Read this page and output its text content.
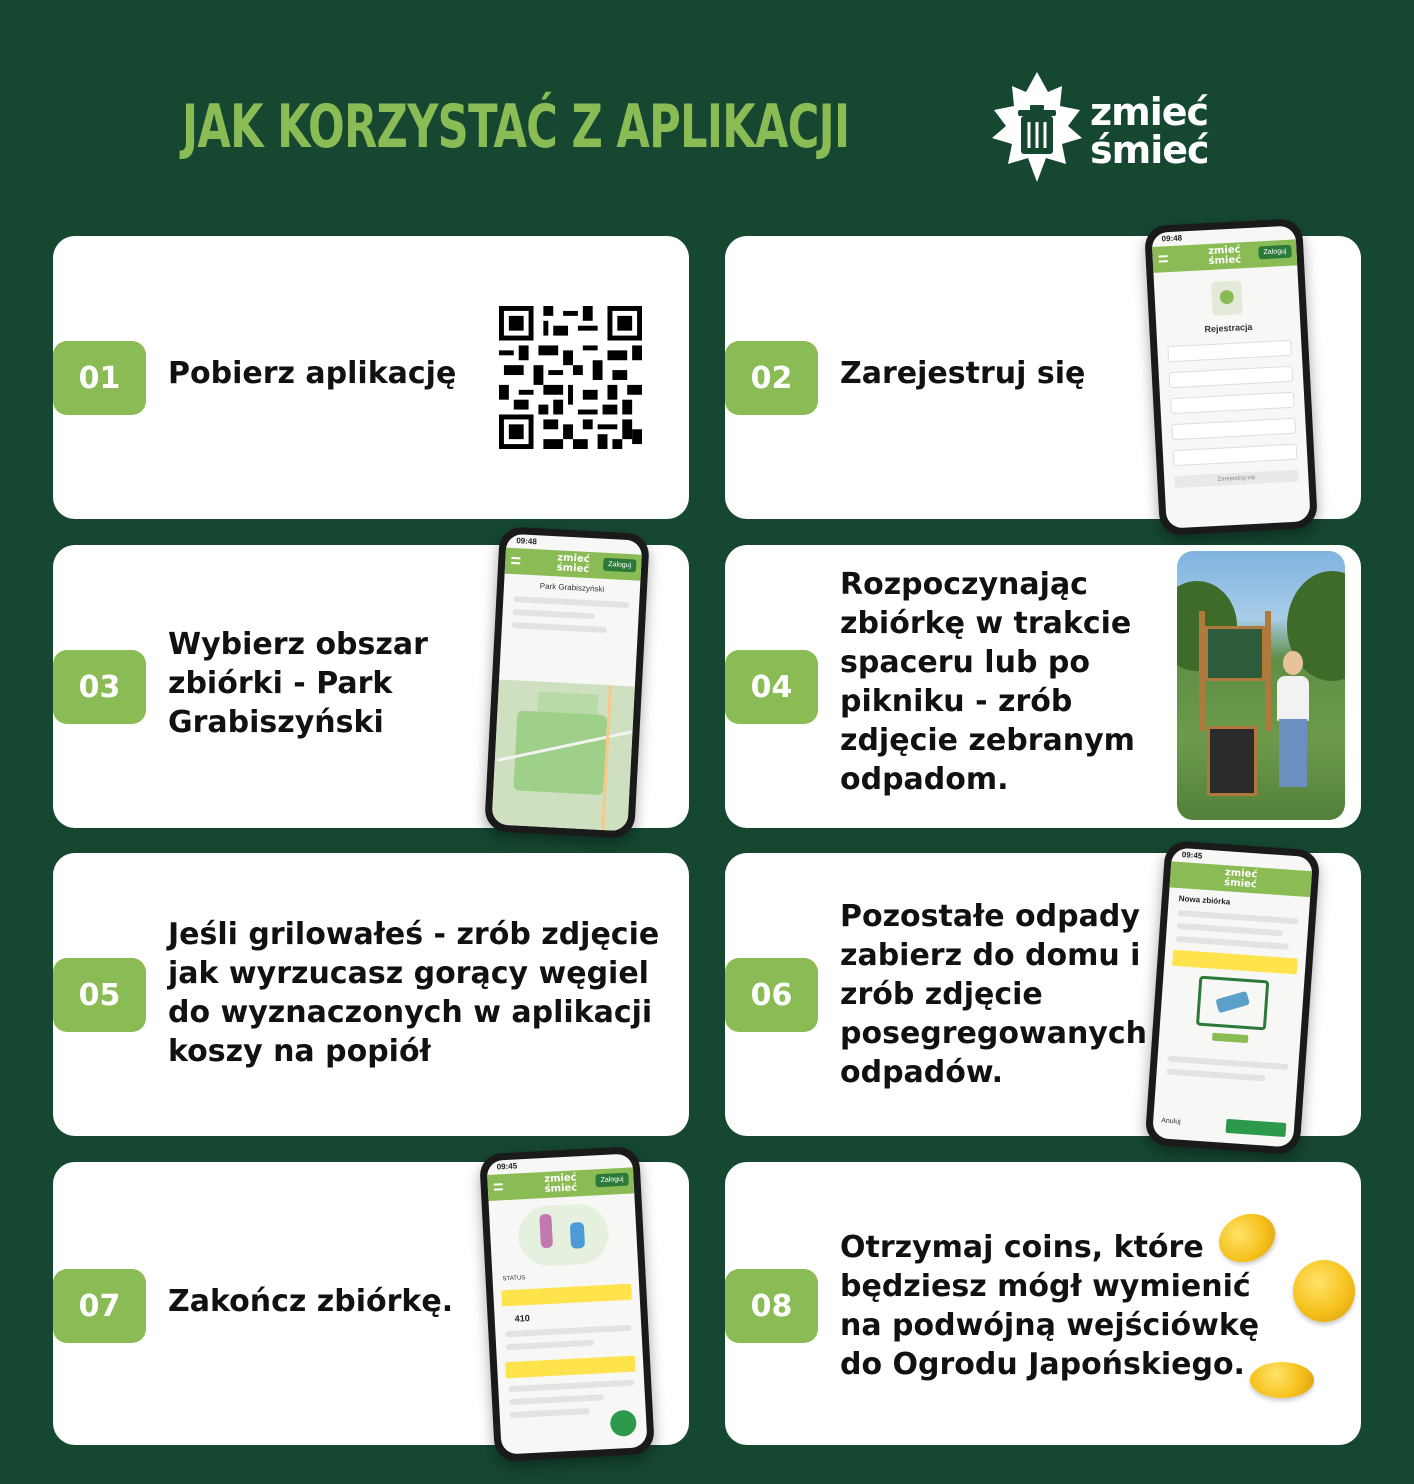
JAK KORZYSTAĆ Z APLIKACJI	zmieć
śmieć
01	Pobierz aplikację	02	Zarejestruj się
09:48
zmieć śmieć
Zaloguj
Rejestracja
Zarejestruj się
03
Wybierz obszar
zbiórki - Park
Grabiszyński
09:48
zmieć śmieć	Zaloguj
Park Grabiszyński
04
Rozpoczynając
zbiórkę w trakcie
spaceru lub po
pikniku - zrób
zdjęcie zebranym
odpadom.
05
Jeśli grilowałeś - zrób zdjęcie
jak wyrzucasz gorący węgiel
do wyznaczonych w aplikacji
koszy na popiół
06
Pozostałe odpady
zabierz do domu i
zrób zdjęcie
posegregowanych
odpadów.
09:45
zmieć śmieć
Nowa zbiórka
Anuluj
07	Zakończ zbiórkę.
09:45
zmieć śmieć
Zaloguj
STATUS
410	08
Otrzymaj coins, które
będziesz mógł wymienić
na podwójną wejściówkę
do Ogrodu Japońskiego.
